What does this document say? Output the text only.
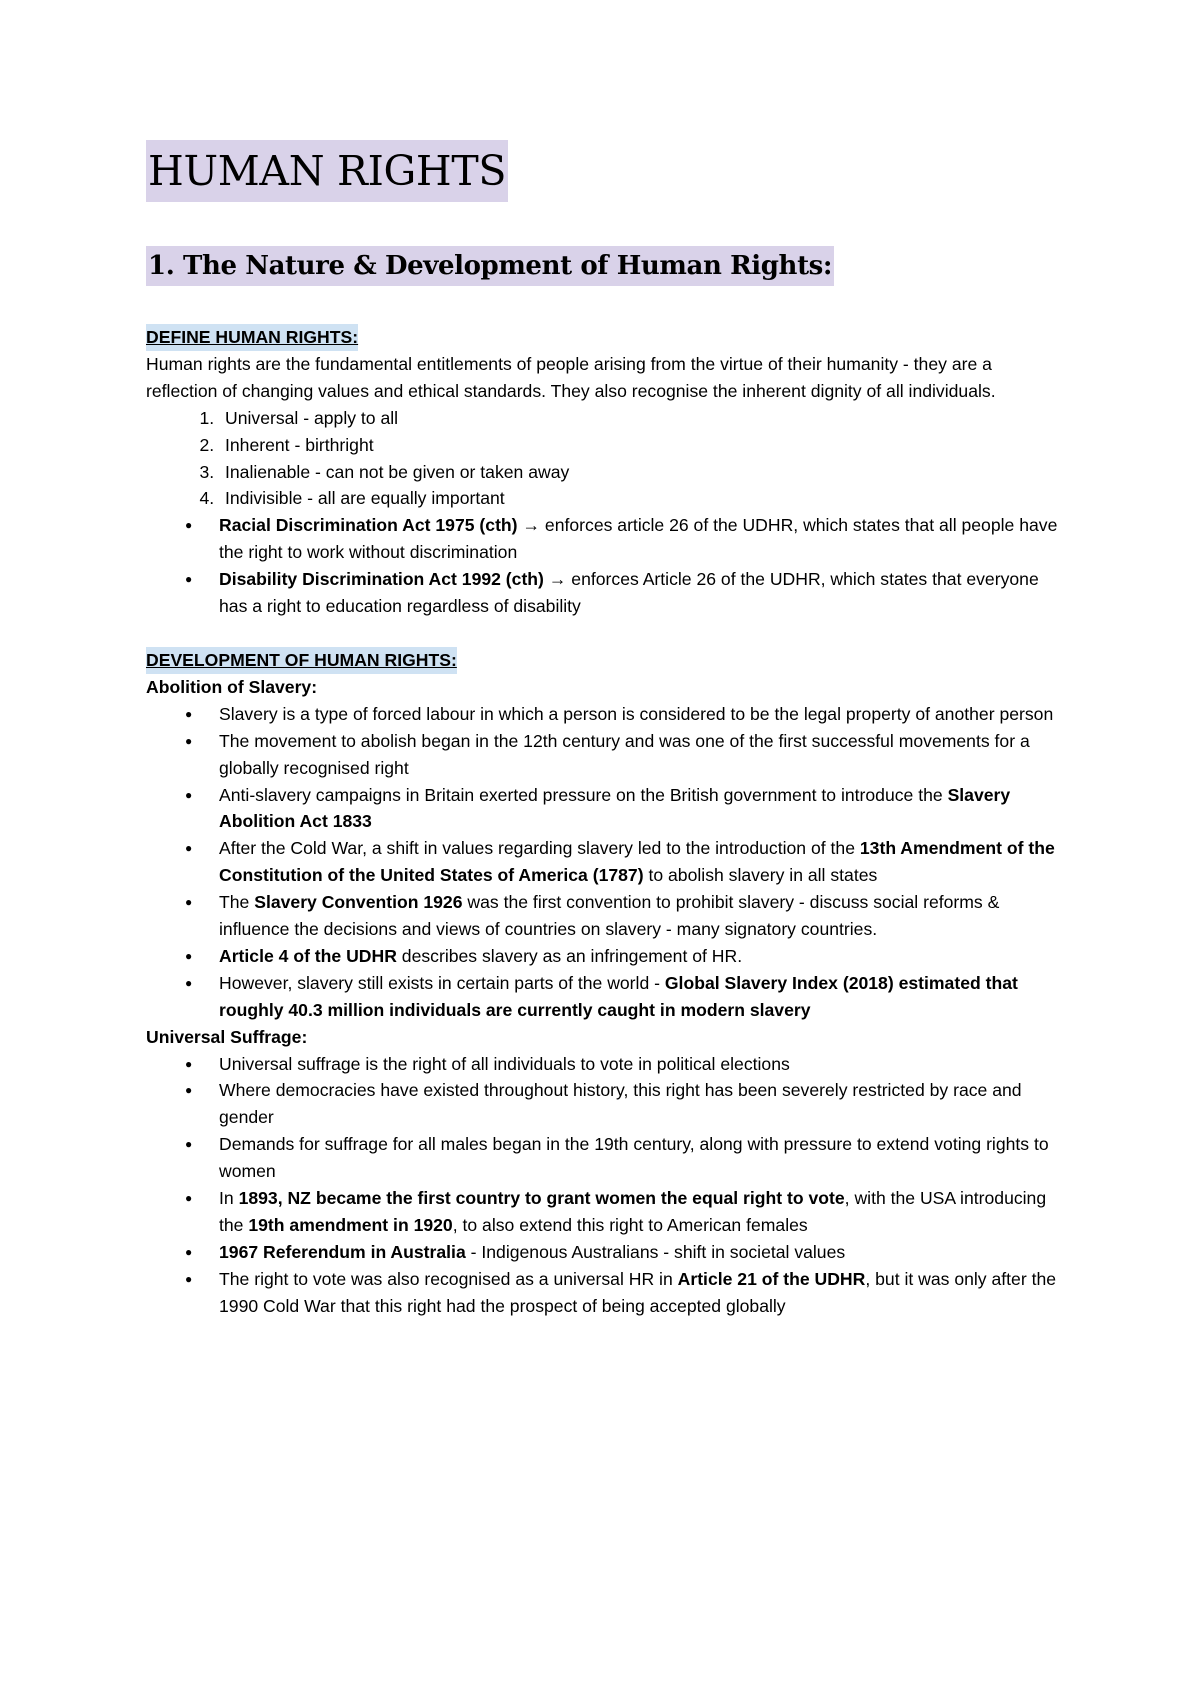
HUMAN RIGHTS
1. The Nature & Development of Human Rights:
DEFINE HUMAN RIGHTS:

Human rights are the fundamental entitlements of people arising from the virtue of their humanity - they are a reflection of changing values and ethical standards. They also recognise the inherent dignity of all individuals.

1. Universal - apply to all
2. Inherent - birthright
3. Inalienable - can not be given or taken away
4. Indivisible - all are equally important
● Racial Discrimination Act 1975 (cth) → enforces article 26 of the UDHR, which states that all people have the right to work without discrimination
● Disability Discrimination Act 1992 (cth) → enforces Article 26 of the UDHR, which states that everyone has a right to education regardless of disability
DEVELOPMENT OF HUMAN RIGHTS:
Abolition of Slavery:
● Slavery is a type of forced labour in which a person is considered to be the legal property of another person
● The movement to abolish began in the 12th century and was one of the first successful movements for a globally recognised right
● Anti-slavery campaigns in Britain exerted pressure on the British government to introduce the Slavery Abolition Act 1833
● After the Cold War, a shift in values regarding slavery led to the introduction of the 13th Amendment of the Constitution of the United States of America (1787) to abolish slavery in all states
● The Slavery Convention 1926 was the first convention to prohibit slavery - discuss social reforms & influence the decisions and views of countries on slavery - many signatory countries.
● Article 4 of the UDHR describes slavery as an infringement of HR.
● However, slavery still exists in certain parts of the world - Global Slavery Index (2018) estimated that roughly 40.3 million individuals are currently caught in modern slavery
Universal Suffrage:
● Universal suffrage is the right of all individuals to vote in political elections
● Where democracies have existed throughout history, this right has been severely restricted by race and gender
● Demands for suffrage for all males began in the 19th century, along with pressure to extend voting rights to women
● In 1893, NZ became the first country to grant women the equal right to vote, with the USA introducing the 19th amendment in 1920, to also extend this right to American females
● 1967 Referendum in Australia - Indigenous Australians - shift in societal values
● The right to vote was also recognised as a universal HR in Article 21 of the UDHR, but it was only after the 1990 Cold War that this right had the prospect of being accepted globally
